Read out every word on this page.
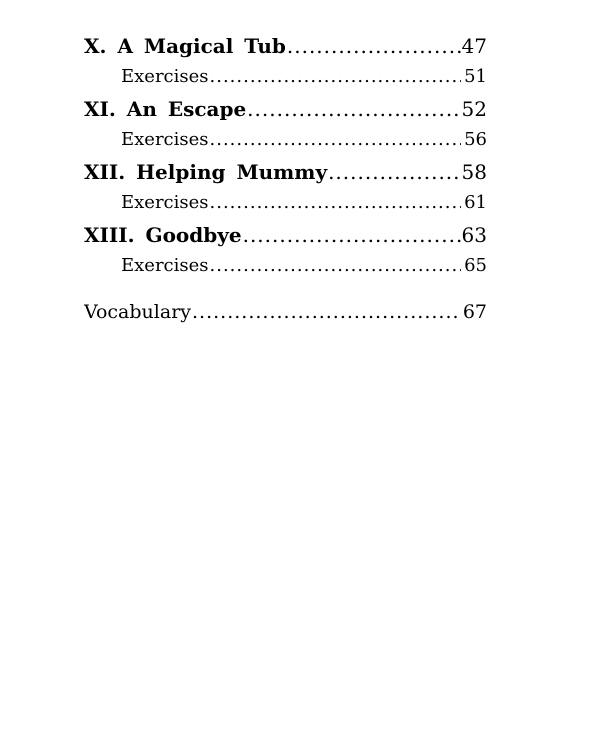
X. A Magical Tub .....	47
Exercises .....	51
XI. An Escape .....	52
Exercises .....	56
XII. Helping Mummy .....	58
Exercises .....	61
XIII. Goodbye .....	63
Exercises .....	65
Vocabulary .....	67
